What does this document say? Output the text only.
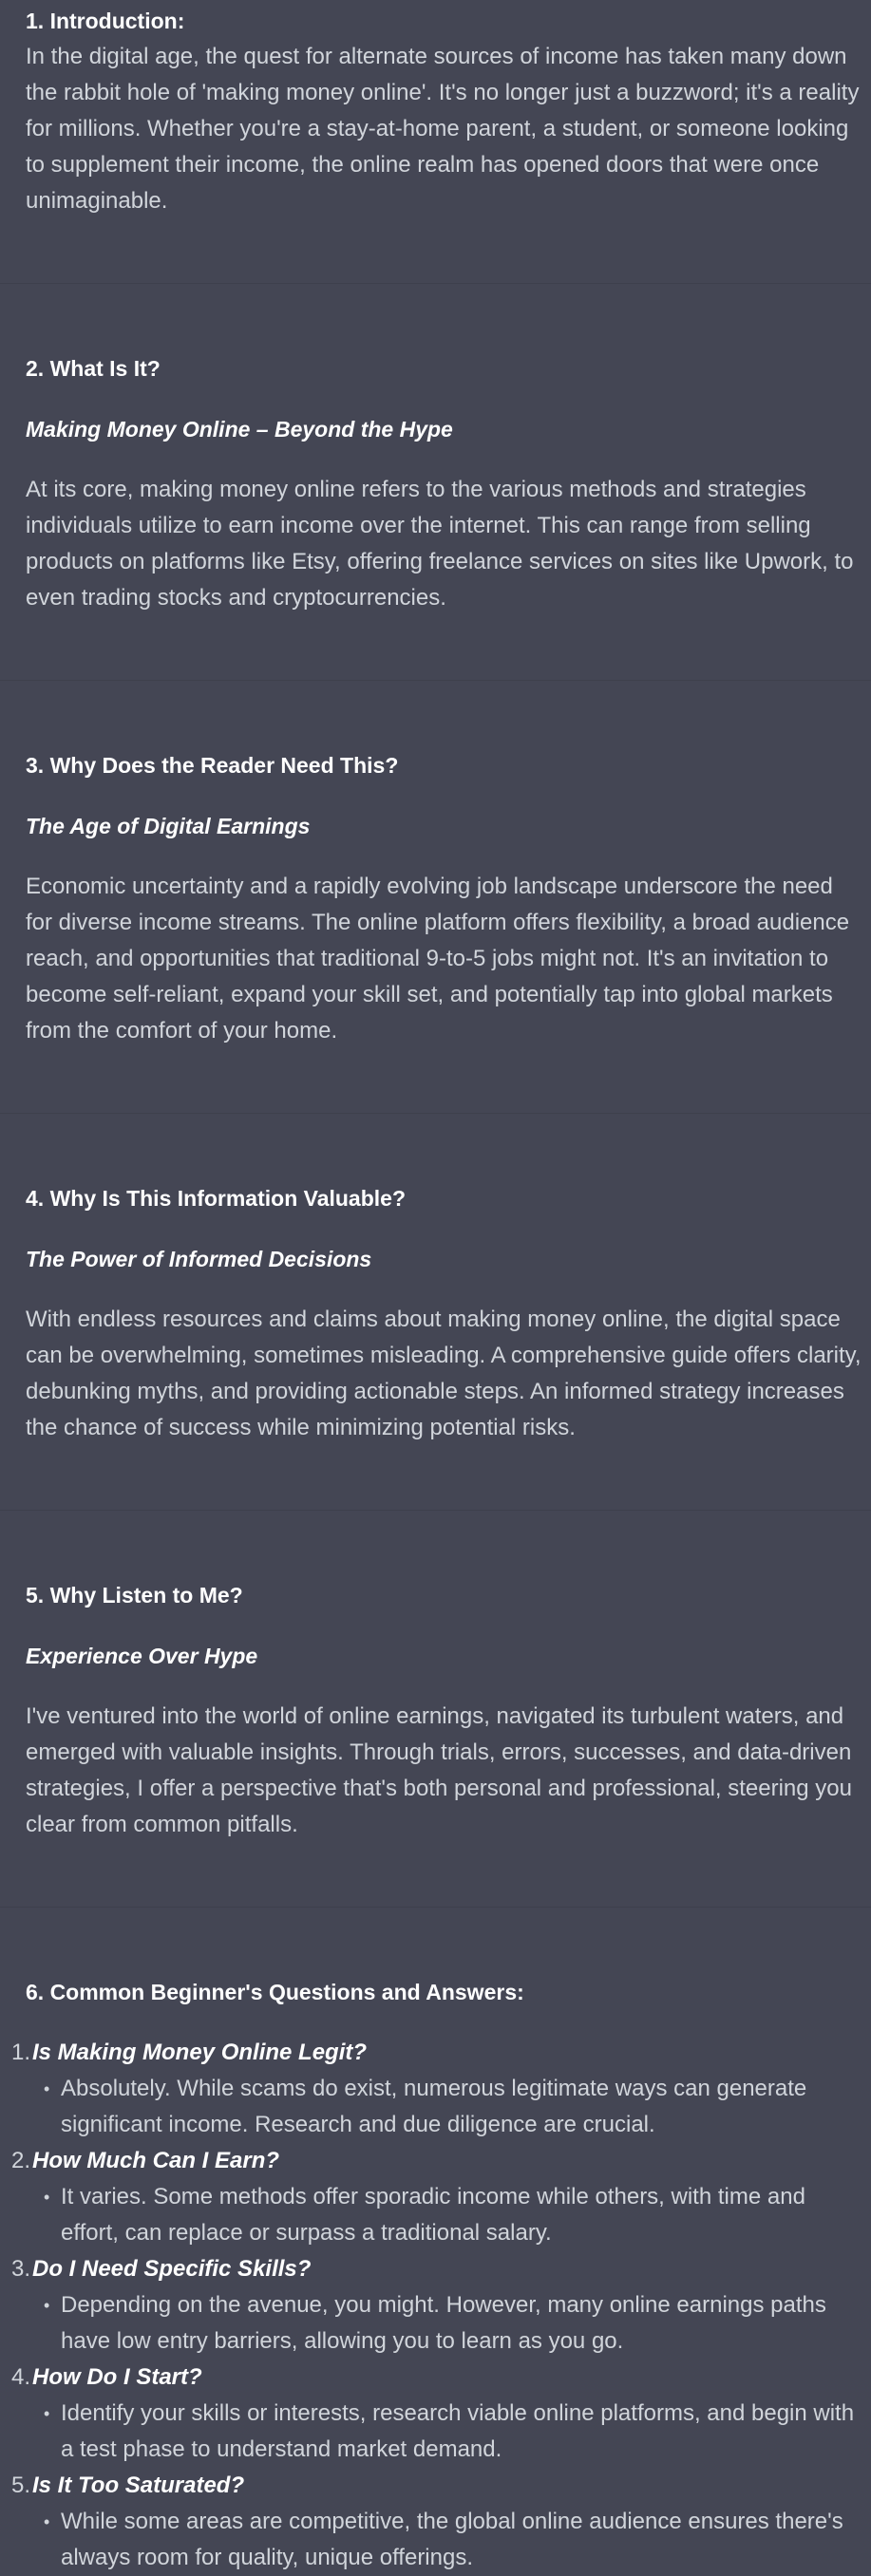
1. Introduction:

In the digital age, the quest for alternate sources of income has taken many down the rabbit hole of 'making money online'. It's no longer just a buzzword; it's a reality for millions. Whether you're a stay-at-home parent, a student, or someone looking to supplement their income, the online realm has opened doors that were once unimaginable.

2. What Is It?

Making Money Online – Beyond the Hype

At its core, making money online refers to the various methods and strategies individuals utilize to earn income over the internet. This can range from selling products on platforms like Etsy, offering freelance services on sites like Upwork, to even trading stocks and cryptocurrencies.

3. Why Does the Reader Need This?

The Age of Digital Earnings

Economic uncertainty and a rapidly evolving job landscape underscore the need for diverse income streams. The online platform offers flexibility, a broad audience reach, and opportunities that traditional 9-to-5 jobs might not. It's an invitation to become self-reliant, expand your skill set, and potentially tap into global markets from the comfort of your home.

4. Why Is This Information Valuable?

The Power of Informed Decisions

With endless resources and claims about making money online, the digital space can be overwhelming, sometimes misleading. A comprehensive guide offers clarity, debunking myths, and providing actionable steps. An informed strategy increases the chance of success while minimizing potential risks.

5. Why Listen to Me?

Experience Over Hype

I've ventured into the world of online earnings, navigated its turbulent waters, and emerged with valuable insights. Through trials, errors, successes, and data-driven strategies, I offer a perspective that's both personal and professional, steering you clear from common pitfalls.

6. Common Beginner's Questions and Answers:

1. Is Making Money Online Legit?
• Absolutely. While scams do exist, numerous legitimate ways can generate significant income. Research and due diligence are crucial.
2. How Much Can I Earn?
• It varies. Some methods offer sporadic income while others, with time and effort, can replace or surpass a traditional salary.
3. Do I Need Specific Skills?
• Depending on the avenue, you might. However, many online earnings paths have low entry barriers, allowing you to learn as you go.
4. How Do I Start?
• Identify your skills or interests, research viable online platforms, and begin with a test phase to understand market demand.
5. Is It Too Saturated?
• While some areas are competitive, the global online audience ensures there's always room for quality, unique offerings.
